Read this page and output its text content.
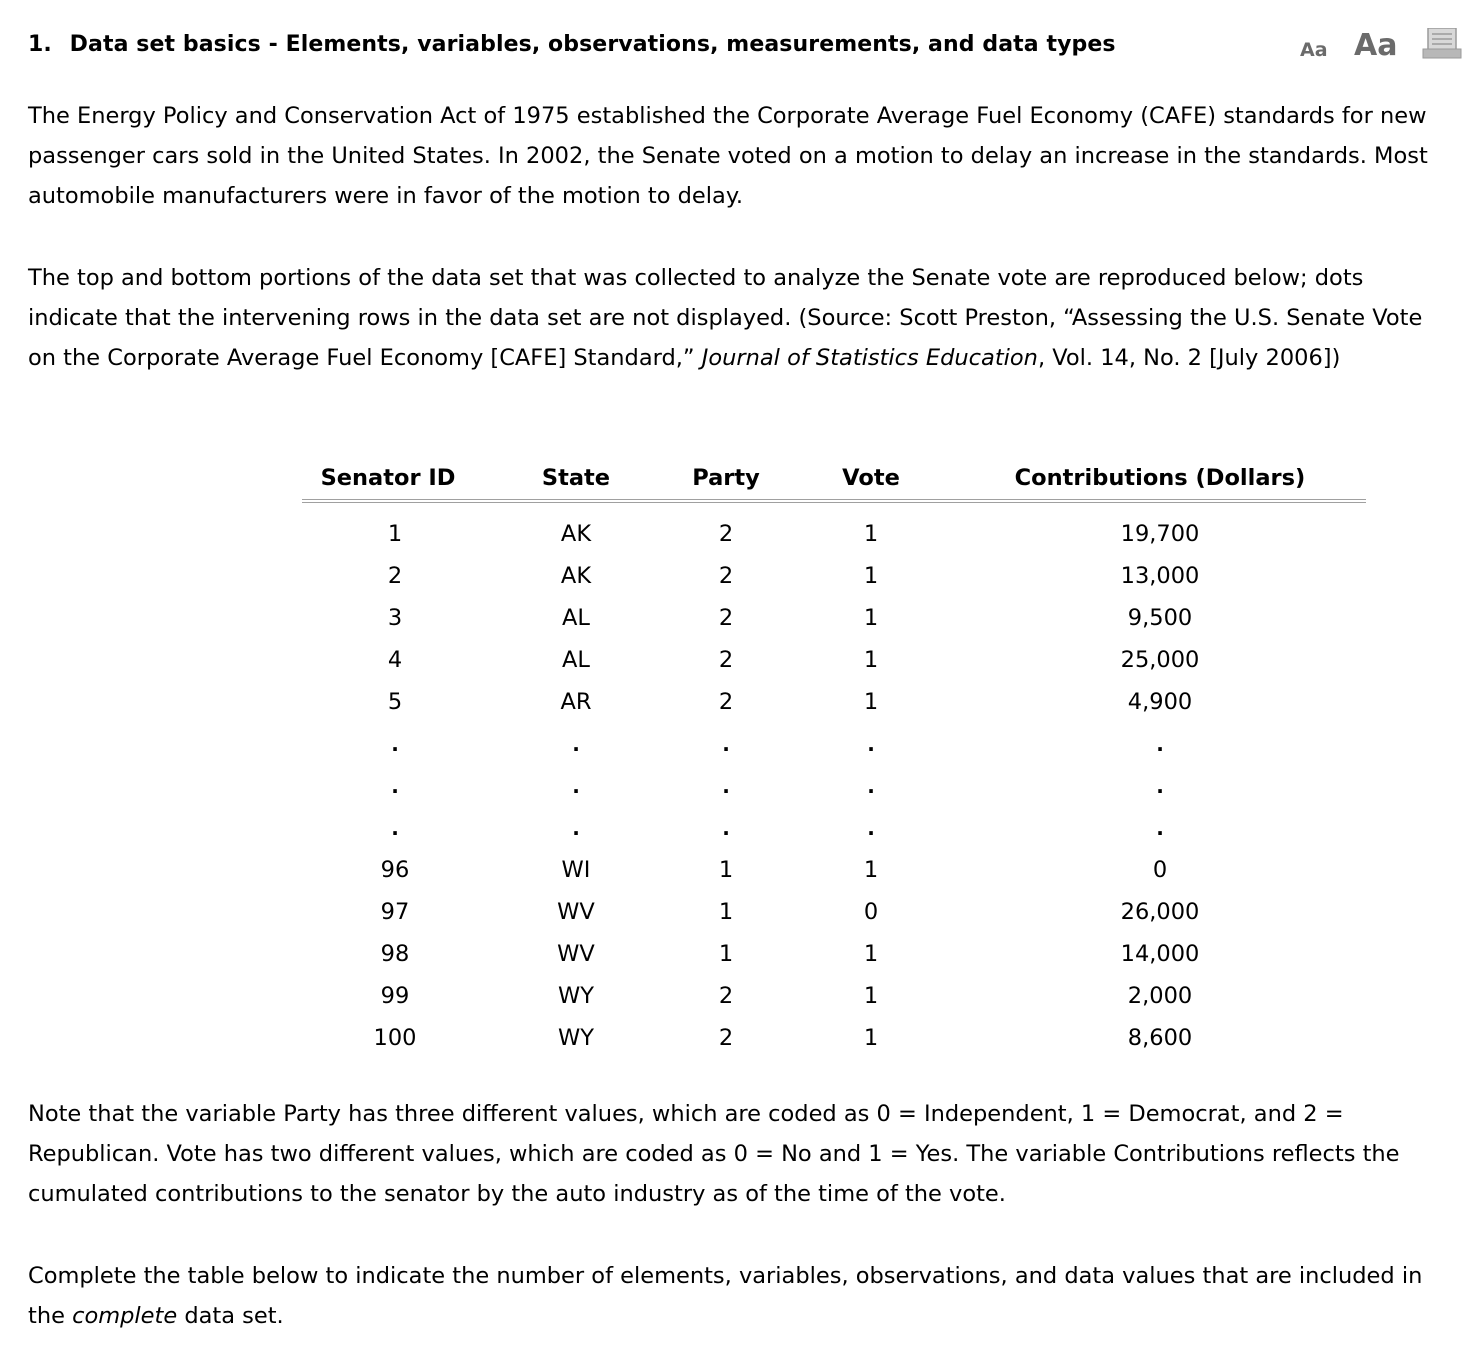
1. Data set basics - Elements, variables, observations, measurements, and data types	Aa Aa

The Energy Policy and Conservation Act of 1975 established the Corporate Average Fuel Economy (CAFE) standards for new passenger cars sold in the United States. In 2002, the Senate voted on a motion to delay an increase in the standards. Most automobile manufacturers were in favor of the motion to delay.

The top and bottom portions of the data set that was collected to analyze the Senate vote are reproduced below; dots indicate that the intervening rows in the data set are not displayed. (Source: Scott Preston, “Assessing the U.S. Senate Vote on the Corporate Average Fuel Economy [CAFE] Standard,” Journal of Statistics Education, Vol. 14, No. 2 [July 2006])

Senator ID	State	Party	Vote	Contributions (Dollars)
1	AK	2	1	19,700
2	AK	2	1	13,000
3	AL	2	1	9,500
4	AL	2	1	25,000
5	AR	2	1	4,900
.	.	.	.	.
.	.	.	.	.
.	.	.	.	.
96	WI	1	1	0
97	WV	1	0	26,000
98	WV	1	1	14,000
99	WY	2	1	2,000
100	WY	2	1	8,600

Note that the variable Party has three different values, which are coded as 0 = Independent, 1 = Democrat, and 2 = Republican. Vote has two different values, which are coded as 0 = No and 1 = Yes. The variable Contributions reflects the cumulated contributions to the senator by the auto industry as of the time of the vote.

Complete the table below to indicate the number of elements, variables, observations, and data values that are included in the complete data set.
